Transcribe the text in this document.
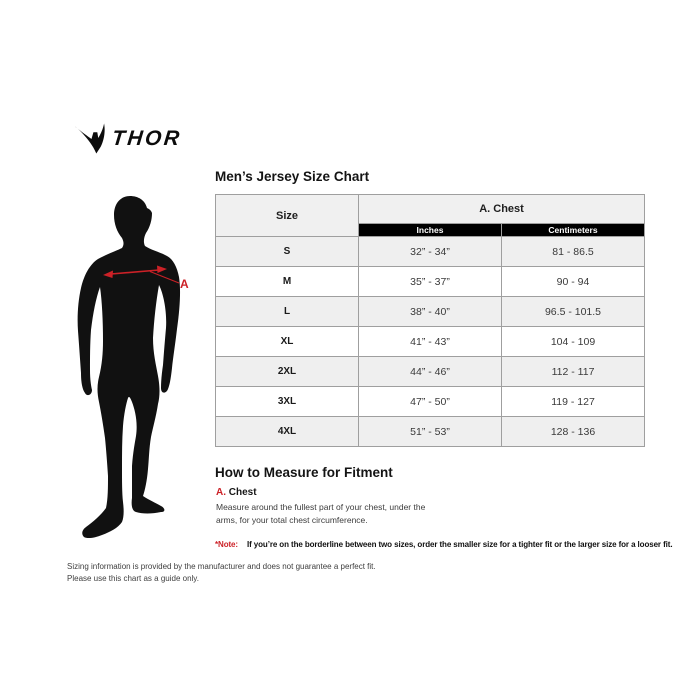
THOR
Men’s Jersey Size Chart
A
Size	A. Chest	
	Inches	Centimeters
S	32” - 34”	81 - 86.5
M	35” - 37”	90 - 94
L	38” - 40”	96.5 - 101.5
XL	41” - 43”	104 - 109
2XL	44” - 46”	112 - 117
3XL	47” - 50”	119 - 127
4XL	51” - 53”	128 - 136
How to Measure for Fitment
A. Chest

Measure around the fullest part of your chest, under the arms, for your total chest circumference.

*Note: If you’re on the borderline between two sizes, order the smaller size for a tighter fit or the larger size for a looser fit.
Sizing information is provided by the manufacturer and does not guarantee a perfect fit.
Please use this chart as a guide only.
